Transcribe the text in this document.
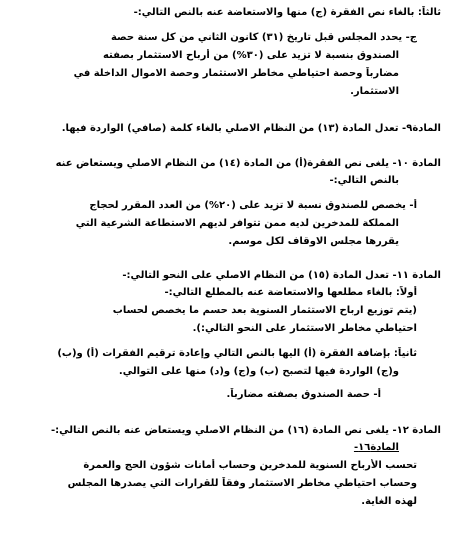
ثالثاً: بالغاء نص الفقرة (ج) منها والاستعاضة عنه بالنص التالي:-
ج- يحدد المجلس قبل تاريخ (٣١) كانون الثاني من كل سنة حصة
الصندوق بنسبة لا تزيد على (٣٠%) من أرباح الاستثمار بصفته
مضارباً وحصة احتياطي مخاطر الاستثمار وحصة الاموال الداخلة في
الاستثمار.
المادة٩- تعدل المادة (١٣) من النظام الاصلي بالغاء كلمة (صافي) الواردة فيها.
المادة ١٠- يلغى نص الفقرة(أ) من المادة (١٤) من النظام الاصلي ويستعاض عنه
بالنص التالي:-
أ- يخصص للصندوق نسبة لا تزيد على (٢٠%) من العدد المقرر لحجاج
المملكة للمدخرين لديه ممن تتوافر لديهم الاستطاعة الشرعية التي
يقررها مجلس الاوقاف لكل موسم.
المادة ١١- تعدل المادة (١٥) من النظام الاصلي على النحو التالي:-
أولاً: بالغاء مطلعها والاستعاضة عنه بالمطلع التالي:-
(يتم توزيع ارباح الاستثمار السنوية بعد حسم ما يخصص لحساب
احتياطي مخاطر الاستثمار على النحو التالي:).
ثانياً: بإضافة الفقرة (أ) اليها بالنص التالي وإعادة ترقيم الفقرات (أ) و(ب)
و(ج) الواردة فيها لتصبح (ب) و(ج) و(د) منها على التوالي.
أ- حصة الصندوق بصفته مضارباً.
المادة ١٢- يلغى نص المادة (١٦) من النظام الاصلي ويستعاض عنه بالنص التالي:-
المادة١٦-
تحسب الأرباح السنوية للمدخرين وحساب أمانات شؤون الحج والعمرة
وحساب احتياطي مخاطر الاستثمار وفقاً للقرارات التي يصدرها المجلس
لهذه الغاية.
